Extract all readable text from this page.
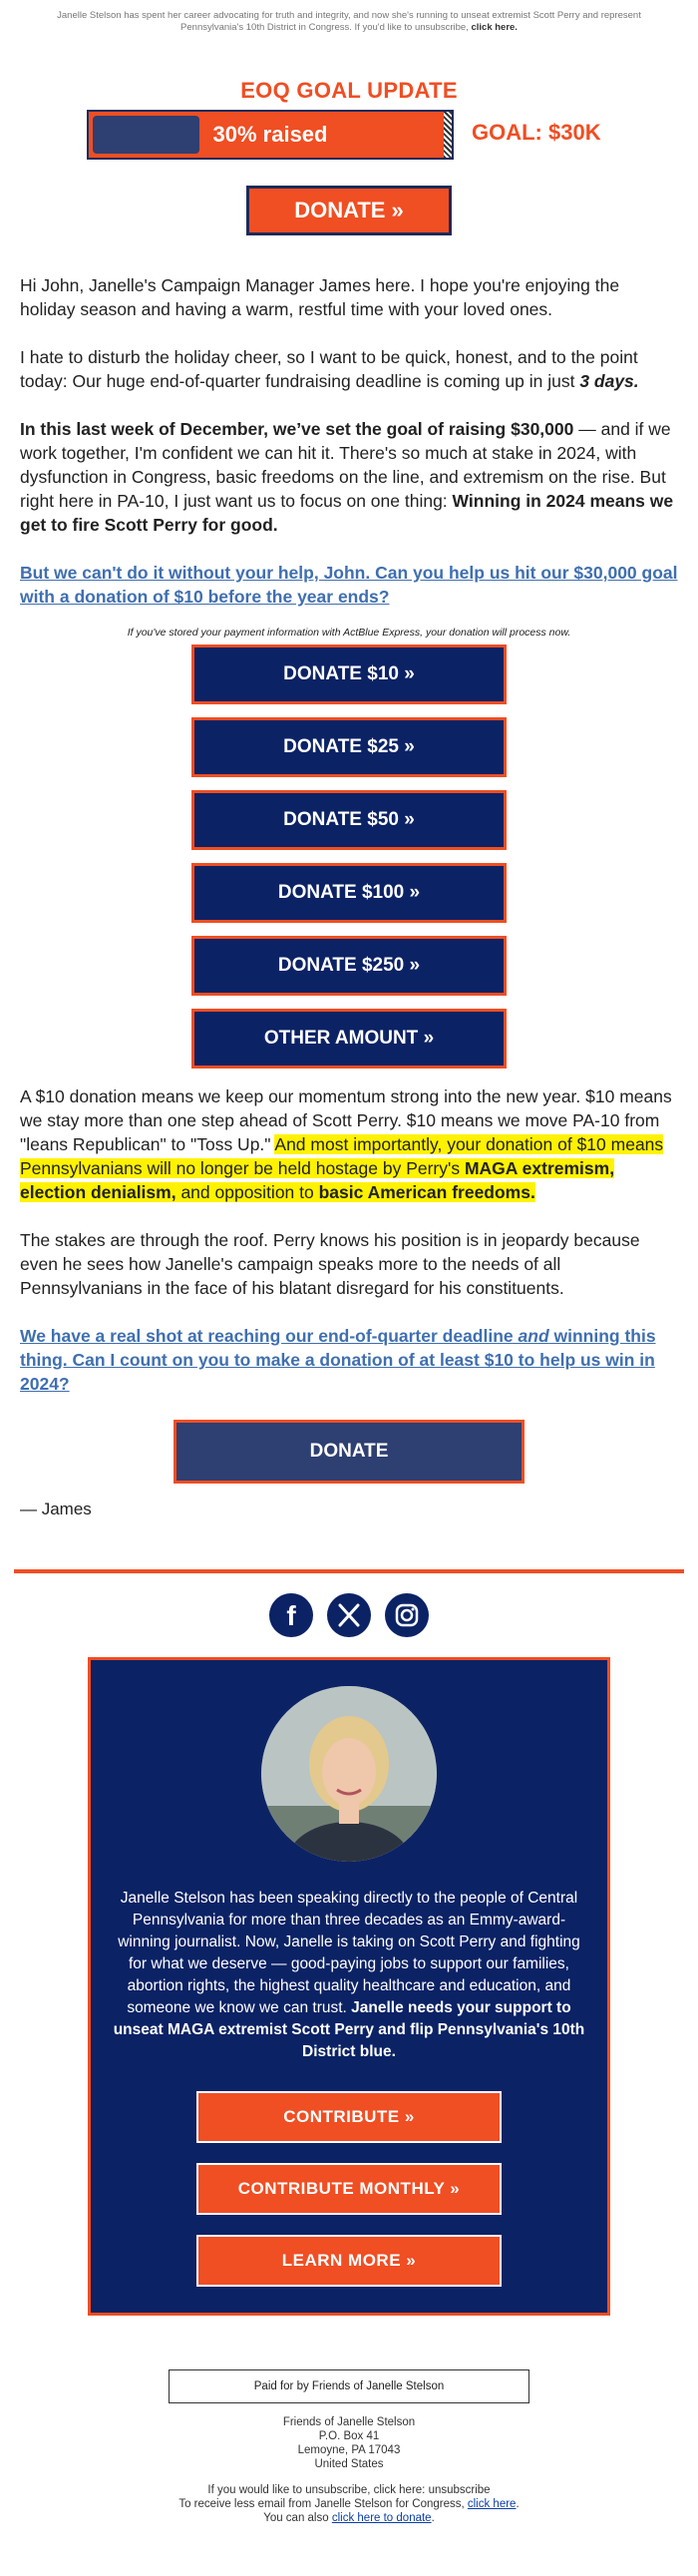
Janelle Stelson has spent her career advocating for truth and integrity, and now she's running to unseat extremist Scott Perry and represent Pennsylvania's 10th District in Congress. If you'd like to unsubscribe, click here.
EOQ GOAL UPDATE
30% raised	GOAL: $30K
DONATE »

Hi John, Janelle's Campaign Manager James here. I hope you're enjoying the holiday season and having a warm, restful time with your loved ones.

I hate to disturb the holiday cheer, so I want to be quick, honest, and to the point today: Our huge end-of-quarter fundraising deadline is coming up in just 3 days.

In this last week of December, we’ve set the goal of raising $30,000 — and if we work together, I'm confident we can hit it. There's so much at stake in 2024, with dysfunction in Congress, basic freedoms on the line, and extremism on the rise. But right here in PA-10, I just want us to focus on one thing: Winning in 2024 means we get to fire Scott Perry for good.

But we can't do it without your help, John. Can you help us hit our $30,000 goal with a donation of $10 before the year ends?

If you've stored your payment information with ActBlue Express, your donation will process now.
DONATE $10 »
DONATE $25 »
DONATE $50 »
DONATE $100 »
DONATE $250 »
OTHER AMOUNT »

A $10 donation means we keep our momentum strong into the new year. $10 means we stay more than one step ahead of Scott Perry. $10 means we move PA-10 from "leans Republican" to "Toss Up." And most importantly, your donation of $10 means Pennsylvanians will no longer be held hostage by Perry's MAGA extremism, election denialism, and opposition to basic American freedoms.

The stakes are through the roof. Perry knows his position is in jeopardy because even he sees how Janelle's campaign speaks more to the needs of all Pennsylvanians in the face of his blatant disregard for his constituents.

We have a real shot at reaching our end-of-quarter deadline and winning this thing. Can I count on you to make a donation of at least $10 to help us win in 2024?

DONATE
— James
f

Janelle Stelson has been speaking directly to the people of Central Pennsylvania for more than three decades as an Emmy-award-winning journalist. Now, Janelle is taking on Scott Perry and fighting for what we deserve — good-paying jobs to support our families, abortion rights, the highest quality healthcare and education, and someone we know we can trust. Janelle needs your support to unseat MAGA extremist Scott Perry and flip Pennsylvania's 10th District blue.
CONTRIBUTE »
CONTRIBUTE MONTHLY »
LEARN MORE »
Paid for by Friends of Janelle Stelson
Friends of Janelle Stelson
P.O. Box 41
Lemoyne, PA 17043
United States
If you would like to unsubscribe, click here: unsubscribe
To receive less email from Janelle Stelson for Congress, click here.
You can also click here to donate.
